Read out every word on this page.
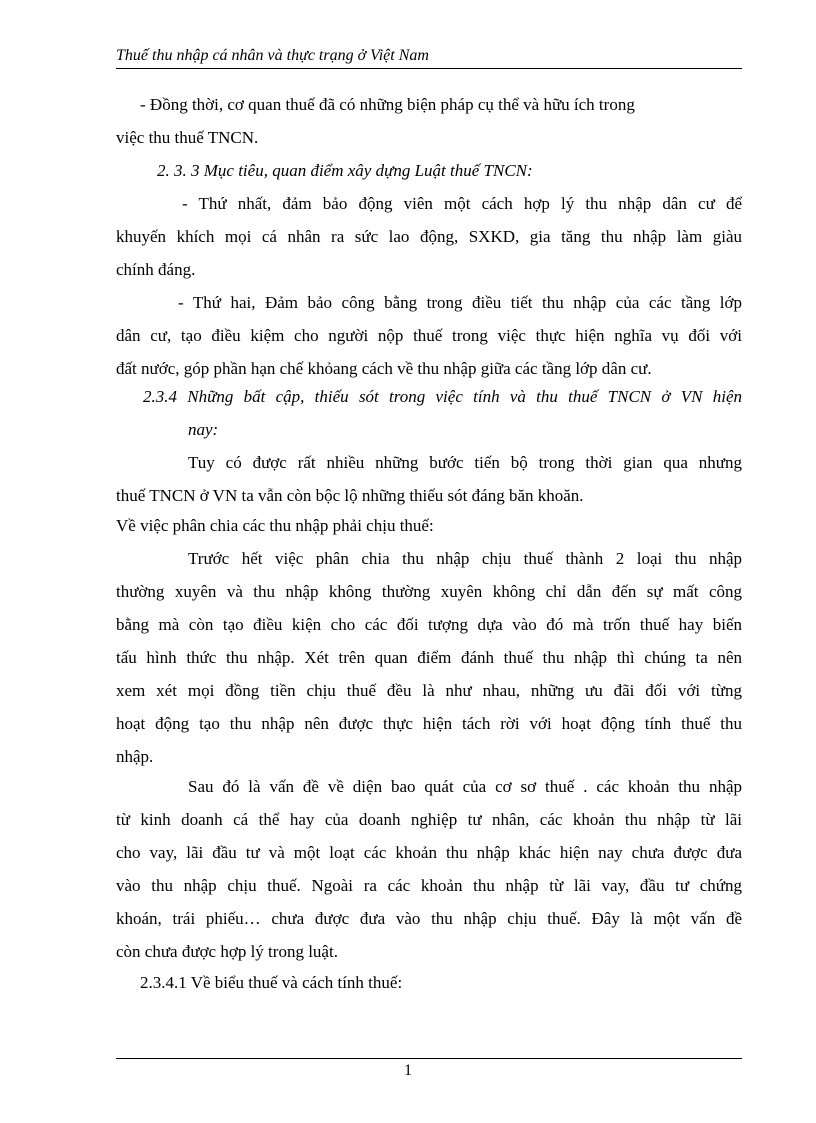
Thuế thu nhập cá nhân và thực trạng ở Việt Nam
- Đồng thời, cơ quan thuế đã có những biện pháp cụ thể và hữu ích trong
việc thu thuế TNCN.
2. 3. 3 Mục tiêu, quan điểm xây dựng Luật thuế TNCN:
- Thứ nhất, đảm bảo động viên một cách hợp lý thu nhập dân cư để
khuyến khích mọi cá nhân ra sức lao động, SXKD, gia tăng thu nhập làm giàu
chính đáng.
- Thứ hai, Đảm bảo công bằng trong điều tiết thu nhập của các tầng lớp
dân cư, tạo điều kiệm cho người nộp thuế trong việc thực hiện nghĩa vụ đối với
đất nước, góp phần hạn chế khỏang cách về thu nhập giữa các tầng lớp dân cư.
2.3.4 Những bất cập, thiếu sót trong việc tính và thu thuế TNCN ở VN hiện
nay:
Tuy có được rất nhiều những bước tiến bộ trong thời gian qua nhưng
thuế TNCN ở VN ta vẫn còn bộc lộ những thiếu sót đáng băn khoăn.
Về việc phân chia các thu nhập phải chịu thuế:
Trước hết việc phân chia thu nhập chịu thuế thành 2 loại thu nhập
thường xuyên và thu nhập không thường xuyên không chỉ dẫn đến sự mất công
bằng mà còn tạo điều kiện cho các đối tượng dựa vào đó mà trốn thuế hay biến
tấu hình thức thu nhập. Xét trên quan điểm đánh thuế thu nhập thì chúng ta nên
xem xét mọi đồng tiền chịu thuế đều là như nhau, những ưu đãi đối với từng
hoạt động tạo thu nhập nên được thực hiện tách rời với hoạt động tính thuế thu
nhập.
Sau đó là vấn đề về diện bao quát của cơ sơ thuế . các khoản thu nhập
từ kinh doanh cá thể hay của doanh nghiệp tư nhân, các khoản thu nhập từ lãi
cho vay, lãi đầu tư và một loạt các khoản thu nhập khác hiện nay chưa được đưa
vào thu nhập chịu thuế. Ngoài ra các khoản thu nhập từ lãi vay, đầu tư chứng
khoán, trái phiếu… chưa được đưa vào thu nhập chịu thuế. Đây là một vấn đề
còn chưa được hợp lý trong luật.
2.3.4.1 Về biểu thuế và cách tính thuế:
1
